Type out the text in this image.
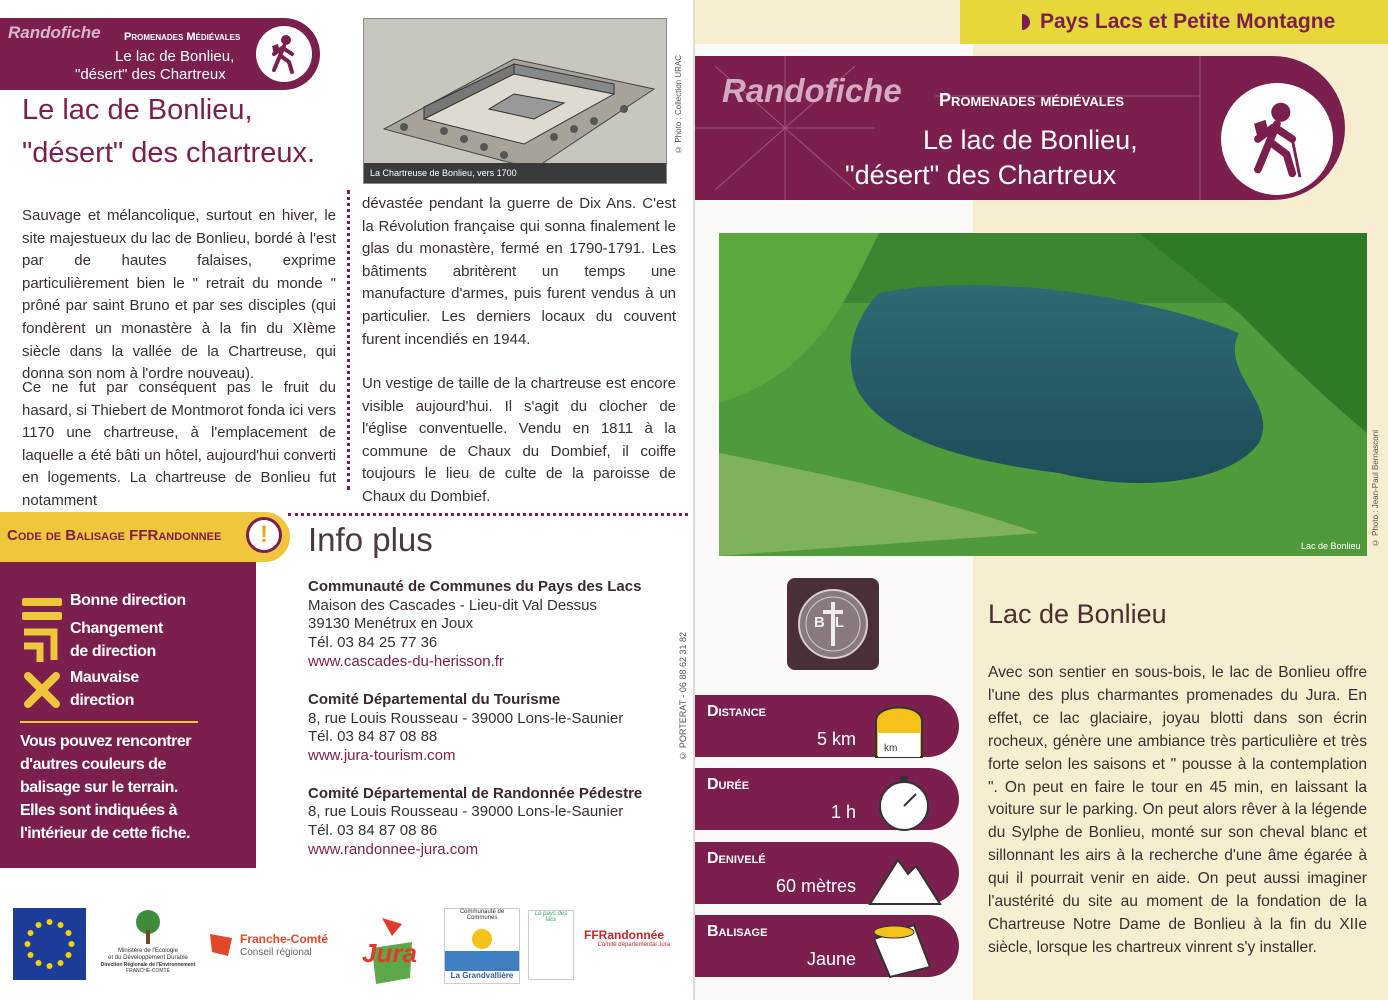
Randofiche Promenades Médiévales
Le lac de Bonlieu,
"désert" des Chartreux
Le lac de Bonlieu,
"désert" des chartreux.
Sauvage et mélancolique, surtout en hiver, le site majestueux du lac de Bonlieu, bordé à l'est par de hautes falaises, exprime particulièrement bien le " retrait du monde " prôné par saint Bruno et par ses disciples (qui fondèrent un monastère à la fin du XIème siècle dans la vallée de la Chartreuse, qui donna son nom à l'ordre nouveau).
Ce ne fut par conséquent pas le fruit du hasard, si Thiebert de Montmorot fonda ici vers 1170 une chartreuse, à l'emplacement de laquelle a été bâti un hôtel, aujourd'hui converti en logements. La chartreuse de Bonlieu fut notamment
La Chartreuse de Bonlieu, vers 1700
© Photo : Collection URAC
dévastée pendant la guerre de Dix Ans. C'est la Révolution française qui sonna finalement le glas du monastère, fermé en 1790-1791. Les bâtiments abritèrent un temps une manufacture d'armes, puis furent vendus à un particulier. Les derniers locaux du couvent furent incendiés en 1944.
Un vestige de taille de la chartreuse est encore visible aujourd'hui. Il s'agit du clocher de l'église conventuelle. Vendu en 1811 à la commune de Chaux du Dombief, il coiffe toujours le lieu de culte de la paroisse de Chaux du Dombief.
Code de Balisage FFRandonnee	!
Bonne direction
Changement
de direction
Mauvaise
direction
Vous pouvez rencontrer
d'autres couleurs de
balisage sur le terrain.
Elles sont indiquées à
l'intérieur de cette fiche.
Info plus
Communauté de Communes du Pays des Lacs
Maison des Cascades - Lieu-dit Val Dessus
39130 Menétrux en Joux
Tél. 03 84 25 77 36
www.cascades-du-herisson.fr
Comité Départemental du Tourisme
8, rue Louis Rousseau - 39000 Lons-le-Saunier
Tél. 03 84 87 08 88
www.jura-tourism.com
Comité Départemental de Randonnée Pédestre
8, rue Louis Rousseau - 39000 Lons-le-Saunier
Tél. 03 84 87 08 86
www.randonnee-jura.com
Ministère de l'Ecologie
et du Développement Durable
Direction Régionale de l'Environnement
FRANCHE-COMTÉ
Franche-Comté
Conseil régional Jura
Communauté de Communes
La Grandvallière
Le pays des lacs
FFRandonnée
Comité départemental Jura
© PORTERAT - 06 88 62 31 82
Pays Lacs et Petite Montagne
Randofiche Promenades médiévales
Le lac de Bonlieu,
"désert" des Chartreux
Lac de Bonlieu © Photo : Jean-Paul Bernasconi
BL
Distance
5 km	km
Durée
1 h
Denivelé
60 mètres
Balisage
Jaune
Lac de Bonlieu
Avec son sentier en sous-bois, le lac de Bonlieu offre l'une des plus charmantes promenades du Jura. En effet, ce lac glaciaire, joyau blotti dans son écrin rocheux, génère une ambiance très particulière et très forte selon les saisons et " pousse à la contemplation ". On peut en faire le tour en 45 min, en laissant la voiture sur le parking. On peut alors rêver à la légende du Sylphe de Bonlieu, monté sur son cheval blanc et sillonnant les airs à la recherche d'une âme égarée à qui il pourrait venir en aide. On peut aussi imaginer l'austérité du site au moment de la fondation de la Chartreuse Notre Dame de Bonlieu à la fin du XIIe siècle, lorsque les chartreux vinrent s'y installer.
